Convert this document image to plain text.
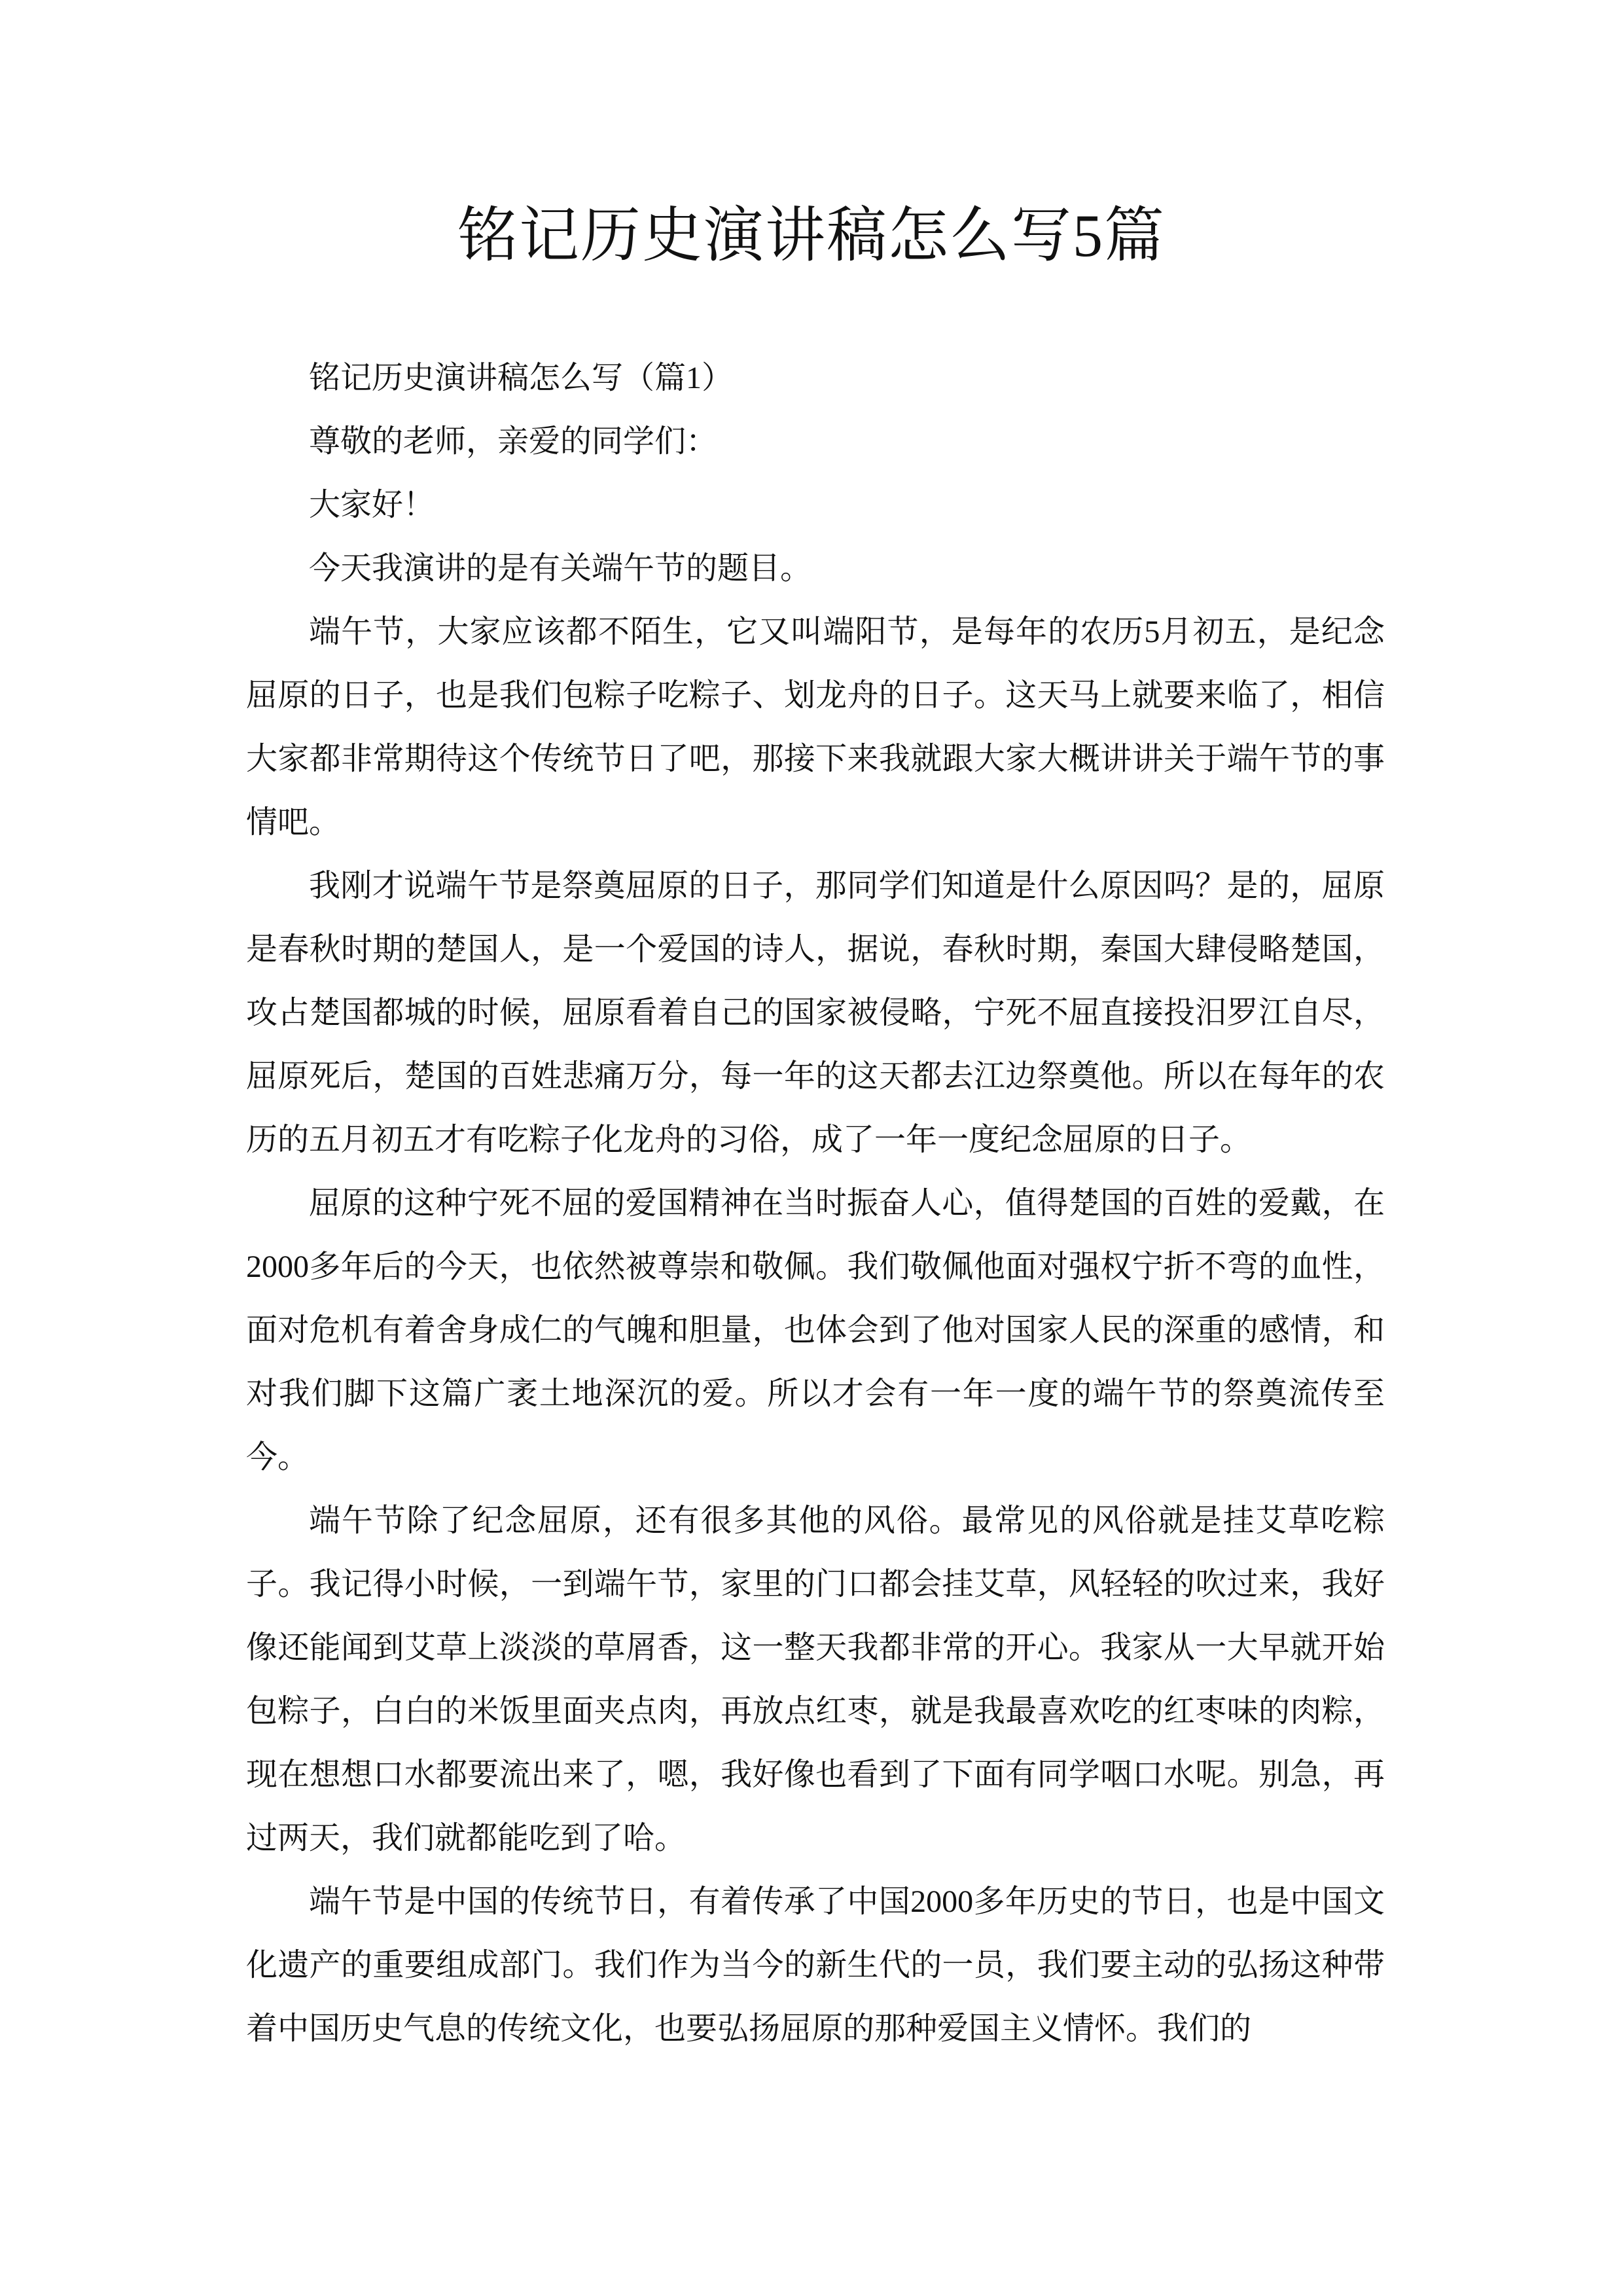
铭记历史演讲稿怎么写5篇

铭记历史演讲稿怎么写（篇1）

尊敬的老师，亲爱的同学们：

大家好！

今天我演讲的是有关端午节的题目。

端午节，大家应该都不陌生，它又叫端阳节，是每年的农历5月初五，是纪念屈原的日子，也是我们包粽子吃粽子、划龙舟的日子。这天马上就要来临了，相信大家都非常期待这个传统节日了吧，那接下来我就跟大家大概讲讲关于端午节的事情吧。

我刚才说端午节是祭奠屈原的日子，那同学们知道是什么原因吗？是的，屈原是春秋时期的楚国人，是一个爱国的诗人，据说，春秋时期，秦国大肆侵略楚国，攻占楚国都城的时候，屈原看着自己的国家被侵略，宁死不屈直接投汨罗江自尽，屈原死后，楚国的百姓悲痛万分，每一年的这天都去江边祭奠他。所以在每年的农历的五月初五才有吃粽子化龙舟的习俗，成了一年一度纪念屈原的日子。

屈原的这种宁死不屈的爱国精神在当时振奋人心，值得楚国的百姓的爱戴，在2000多年后的今天，也依然被尊崇和敬佩。我们敬佩他面对强权宁折不弯的血性，面对危机有着舍身成仁的气魄和胆量，也体会到了他对国家人民的深重的感情，和对我们脚下这篇广袤土地深沉的爱。所以才会有一年一度的端午节的祭奠流传至今。

端午节除了纪念屈原，还有很多其他的风俗。最常见的风俗就是挂艾草吃粽子。我记得小时候，一到端午节，家里的门口都会挂艾草，风轻轻的吹过来，我好像还能闻到艾草上淡淡的草屑香，这一整天我都非常的开心。我家从一大早就开始包粽子，白白的米饭里面夹点肉，再放点红枣，就是我最喜欢吃的红枣味的肉粽，现在想想口水都要流出来了，嗯，我好像也看到了下面有同学咽口水呢。别急，再过两天，我们就都能吃到了哈。

端午节是中国的传统节日，有着传承了中国2000多年历史的节日，也是中国文化遗产的重要组成部门。我们作为当今的新生代的一员，我们要主动的弘扬这种带着中国历史气息的传统文化，也要弘扬屈原的那种爱国主义情怀。我们的
